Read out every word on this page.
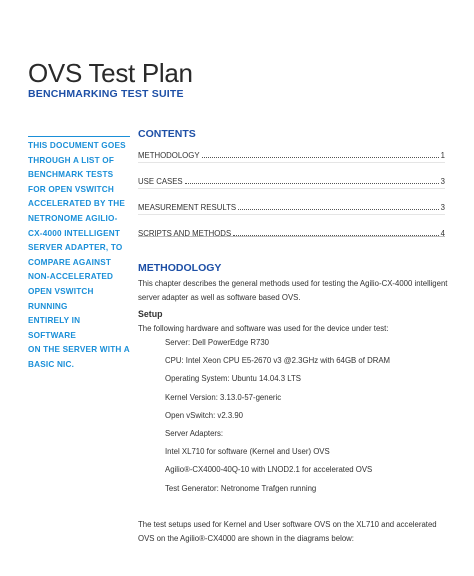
OVS Test Plan
BENCHMARKING TEST SUITE
THIS DOCUMENT GOES
THROUGH A LIST OF
BENCHMARK TESTS
FOR OPEN VSWITCH
ACCELERATED BY THE
NETRONOME AGILIO-
CX-4000 INTELLIGENT
SERVER ADAPTER, TO
COMPARE AGAINST
NON-ACCELERATED
OPEN VSWITCH RUNNING
ENTIRELY IN SOFTWARE
ON THE SERVER WITH A
BASIC NIC.
CONTENTS
METHODOLOGY	1
USE CASES	3
MEASUREMENT RESULTS	3
SCRIPTS AND METHODS	4
METHODOLOGY
This chapter describes the general methods used for testing the Agilio-CX-4000 intelligent server adapter as well as software based OVS.
Setup
The following hardware and software was used for the device under test:
Server: Dell PowerEdge R730
CPU: Intel Xeon CPU E5-2670 v3 @2.3GHz with 64GB of DRAM
Operating System: Ubuntu 14.04.3 LTS
Kernel Version: 3.13.0-57-generic
Open vSwitch: v2.3.90
Server Adapters:
Intel XL710 for software (Kernel and User) OVS
Agilio®-CX4000-40Q-10 with LNOD2.1 for accelerated OVS
Test Generator: Netronome Trafgen running
The test setups used for Kernel and User software OVS on the XL710 and accelerated OVS on the Agilio®-CX4000 are shown in the diagrams below:
